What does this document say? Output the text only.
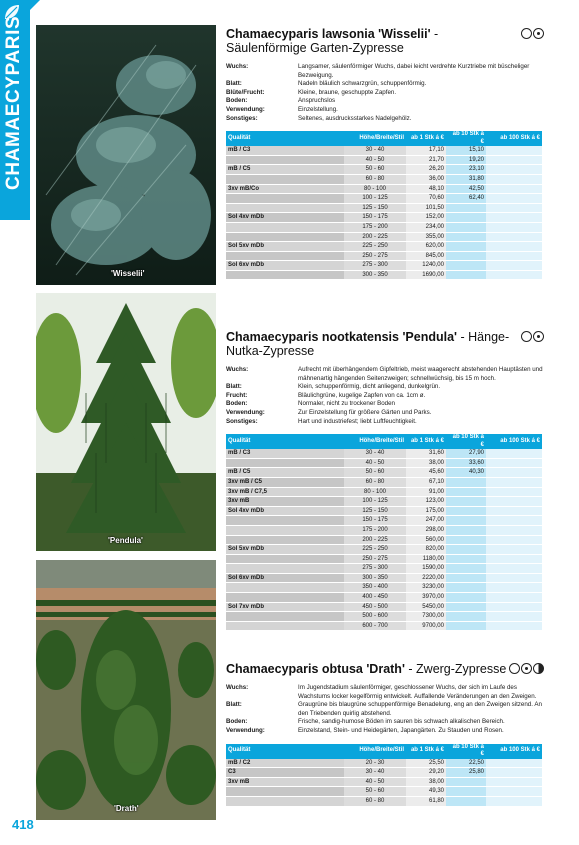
CHAMAECYPARIS
418
'Wisselii'
'Pendula'
'Drath'
Chamaecyparis lawsonia 'Wisselii' - Säulenförmige Garten-Zypresse
Wuchs:	Langsamer, säulenförmiger Wuchs, dabei leicht verdrehte Kurztriebe mit büscheliger Bezweigung.
Blatt:	Nadeln bläulich schwarzgrün, schuppenförmig.
Blüte/Frucht:	Kleine, braune, geschuppte Zapfen.
Boden:	Anspruchslos
Verwendung:	Einzelstellung.
Sonstiges:	Seltenes, ausdrucksstarkes Nadelgehölz.
Qualität	Höhe/Breite/Stil	ab 1 Stk á €	ab 10 Stk á €	ab 100 Stk á €
mB / C3	30 - 40	17,10	15,10	
	40 - 50	21,70	19,20	
mB / C5	50 - 60	26,20	23,10	
	60 - 80	36,00	31,80	
3xv mB/Co	80 - 100	48,10	42,50	
	100 - 125	70,60	62,40	
	125 - 150	101,50		
Sol 4xv mDb	150 - 175	152,00		
	175 - 200	234,00		
	200 - 225	355,00		
Sol 5xv mDb	225 - 250	620,00		
	250 - 275	845,00		
Sol 6xv mDb	275 - 300	1240,00		
	300 - 350	1690,00		
Chamaecyparis nootkatensis 'Pendula' - Hänge-Nutka-Zypresse
Wuchs:	Aufrecht mit überhängendem Gipfeltrieb, meist waagerecht abstehenden Hauptästen und mähnenartig hängenden Seitenzweigen; schnellwüchsig, bis 15 m hoch.
Blatt:	Klein, schuppenförmig, dicht anliegend, dunkelgrün.
Frucht:	Bläulichgrüne, kugelige Zapfen von ca. 1cm ø.
Boden:	Normaler, nicht zu trockener Boden
Verwendung:	Zur Einzelstellung für größere Gärten und Parks.
Sonstiges:	Hart und industriefest; liebt Luftfeuchtigkeit.
Qualität	Höhe/Breite/Stil	ab 1 Stk á €	ab 10 Stk á €	ab 100 Stk á €
mB / C3	30 - 40	31,60	27,90	
	40 - 50	38,00	33,60	
mB / C5	50 - 60	45,60	40,30	
3xv mB / C5	60 - 80	67,10		
3xv mB / C7,5	80 - 100	91,00		
3xv mB	100 - 125	123,00		
Sol 4xv mDb	125 - 150	175,00		
	150 - 175	247,00		
	175 - 200	298,00		
	200 - 225	560,00		
Sol 5xv mDb	225 - 250	820,00		
	250 - 275	1180,00		
	275 - 300	1590,00		
Sol 6xv mDb	300 - 350	2220,00		
	350 - 400	3230,00		
	400 - 450	3970,00		
Sol 7xv mDb	450 - 500	5450,00		
	500 - 600	7300,00		
	600 - 700	9700,00		
Chamaecyparis obtusa 'Drath' - Zwerg-Zypresse
Wuchs:	Im Jugendstadium säulenförmiger, geschlossener Wuchs, der sich im Laufe des Wachstums locker kegelförmig entwickelt. Auffallende Veränderungen an den Zweigen.
Blatt:	Graugrüne bis blaugrüne schuppenförmige Benadelung, eng an den Zweigen sitzend. An den Triebenden quirlig abstehend.
Boden:	Frische, sandig-humose Böden im sauren bis schwach alkalischen Bereich.
Verwendung:	Einzelstand, Stein- und Heidegärten, Japangärten. Zu Stauden und Rosen.
Qualität	Höhe/Breite/Stil	ab 1 Stk á €	ab 10 Stk á €	ab 100 Stk á €
mB / C2	20 - 30	25,50	22,50	
C3	30 - 40	29,20	25,80	
3xv mB	40 - 50	38,00		
	50 - 60	49,30		
	60 - 80	61,80		
